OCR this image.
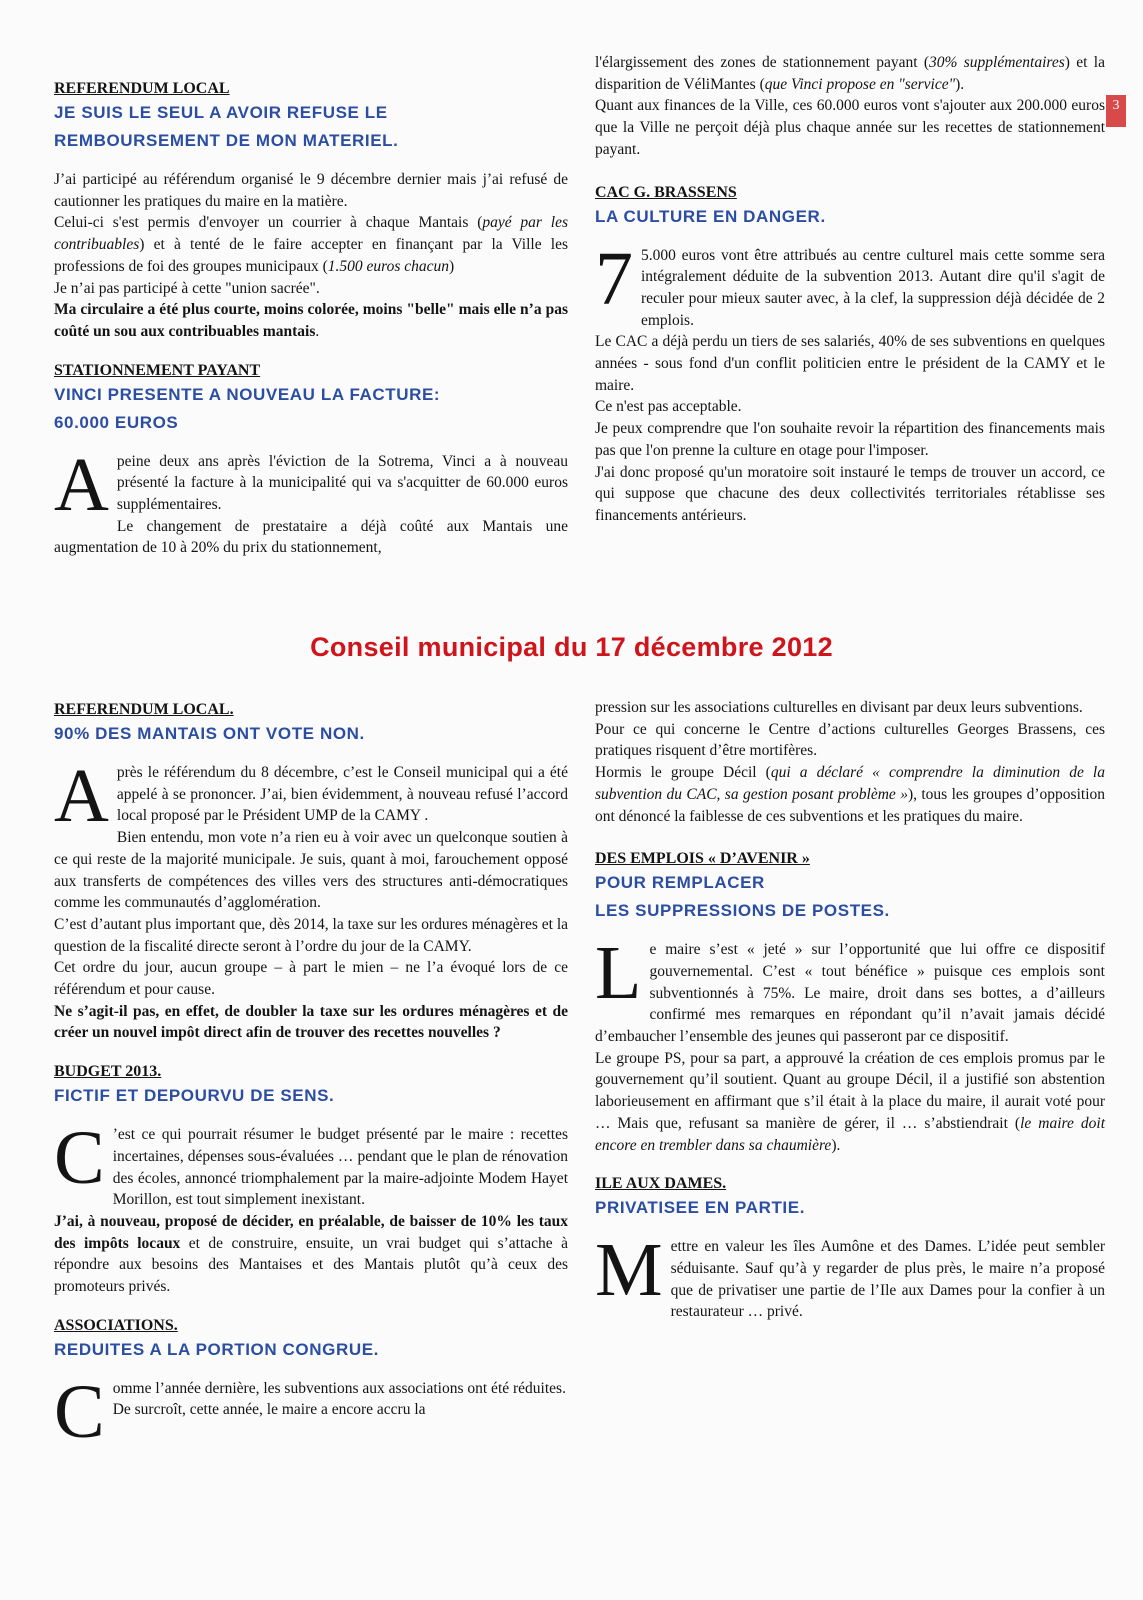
3

REFERENDUM LOCAL

JE SUIS LE SEUL A AVOIR REFUSE LE

REMBOURSEMENT DE MON MATERIEL.

J’ai participé au référendum organisé le 9 décembre dernier mais j’ai refusé de cautionner les pratiques du maire en la matière.

Celui-ci s'est permis d'envoyer un courrier à chaque Mantais (payé par les contribuables) et à tenté de le faire accepter en finançant par la Ville les professions de foi des groupes municipaux (1.500 euros chacun)

Je n’ai pas participé à cette "union sacrée".

Ma circulaire a été plus courte, moins colorée, moins "belle" mais elle n’a pas coûté un sou aux contribuables mantais.

STATIONNEMENT PAYANT

VINCI PRESENTE A NOUVEAU LA FACTURE:

60.000 EUROS

Apeine deux ans après l'éviction de la Sotrema, Vinci a à nouveau présenté la facture à la municipalité qui va s'acquitter de 60.000 euros supplémentaires.

Le changement de prestataire a déjà coûté aux Mantais une augmentation de 10 à 20% du prix du stationnement,

l'élargissement des zones de stationnement payant (30% supplémentaires) et la disparition de VéliMantes (que Vinci propose en "service").

Quant aux finances de la Ville, ces 60.000 euros vont s'ajouter aux 200.000 euros que la Ville ne perçoit déjà plus chaque année sur les recettes de stationnement payant.

CAC G. BRASSENS

LA CULTURE EN DANGER.

7 5.000 euros vont être attribués au centre culturel mais cette somme sera intégralement déduite de la subvention 2013. Autant dire qu'il s'agit de reculer pour mieux sauter avec, à la clef, la suppression déjà décidée de 2 emplois.

Le CAC a déjà perdu un tiers de ses salariés, 40% de ses subventions en quelques années - sous fond d'un conflit politicien entre le président de la CAMY et le maire.

Ce n'est pas acceptable.

Je peux comprendre que l'on souhaite revoir la répartition des financements mais pas que l'on prenne la culture en otage pour l'imposer.

J'ai donc proposé qu'un moratoire soit instauré le temps de trouver un accord, ce qui suppose que chacune des deux collectivités territoriales rétablisse ses financements antérieurs.

Conseil municipal du 17 décembre 2012

REFERENDUM LOCAL.

90% DES MANTAIS ONT VOTE NON.

Après le référendum du 8 décembre, c’est le Conseil municipal qui a été appelé à se prononcer. J’ai, bien évidemment, à nouveau refusé l’accord local proposé par le Président UMP de la CAMY .

Bien entendu, mon vote n’a rien eu à voir avec un quelconque soutien à ce qui reste de la majorité municipale. Je suis, quant à moi, farouchement opposé aux transferts de compétences des villes vers des structures anti-démocratiques comme les communautés d’agglomération.

C’est d’autant plus important que, dès 2014, la taxe sur les ordures ménagères et la question de la fiscalité directe seront à l’ordre du jour de la CAMY.

Cet ordre du jour, aucun groupe – à part le mien – ne l’a évoqué lors de ce référendum et pour cause.

Ne s’agit-il pas, en effet, de doubler la taxe sur les ordures ménagères et de créer un nouvel impôt direct afin de trouver des recettes nouvelles ?

BUDGET 2013.

FICTIF ET DEPOURVU DE SENS.

C ’est ce qui pourrait résumer le budget présenté par le maire : recettes incertaines, dépenses sous-évaluées … pendant que le plan de rénovation des écoles, annoncé triomphalement par la maire-adjointe Modem Hayet Morillon, est tout simplement inexistant.

J’ai, à nouveau, proposé de décider, en préalable, de baisser de 10% les taux des impôts locaux et de construire, ensuite, un vrai budget qui s’attache à répondre aux besoins des Mantaises et des Mantais plutôt qu’à ceux des promoteurs privés.

ASSOCIATIONS.

REDUITES A LA PORTION CONGRUE.

Comme l’année dernière, les subventions aux associations ont été réduites.

De surcroît, cette année, le maire a encore accru la

pression sur les associations culturelles en divisant par deux leurs subventions.

Pour ce qui concerne le Centre d’actions culturelles Georges Brassens, ces pratiques risquent d’être mortifères.

Hormis le groupe Décil (qui a déclaré « comprendre la diminution de la subvention du CAC, sa gestion posant problème »), tous les groupes d’opposition ont dénoncé la faiblesse de ces subventions et les pratiques du maire.

DES EMPLOIS « D’AVENIR »

POUR REMPLACER

LES SUPPRESSIONS DE POSTES.

Le maire s’est « jeté » sur l’opportunité que lui offre ce dispositif gouvernemental. C’est « tout bénéfice » puisque ces emplois sont subventionnés à 75%. Le maire, droit dans ses bottes, a d’ailleurs confirmé mes remarques en répondant qu’il n’avait jamais décidé d’embaucher l’ensemble des jeunes qui passeront par ce dispositif.

Le groupe PS, pour sa part, a approuvé la création de ces emplois promus par le gouvernement qu’il soutient. Quant au groupe Décil, il a justifié son abstention laborieusement en affirmant que s’il était à la place du maire, il aurait voté pour … Mais que, refusant sa manière de gérer, il … s’abstiendrait (le maire doit encore en trembler dans sa chaumière).

ILE AUX DAMES.

PRIVATISEE EN PARTIE.

Mettre en valeur les îles Aumône et des Dames. L’idée peut sembler séduisante. Sauf qu’à y regarder de plus près, le maire n’a proposé que de privatiser une partie de l’Ile aux Dames pour la confier à un restaurateur … privé.
